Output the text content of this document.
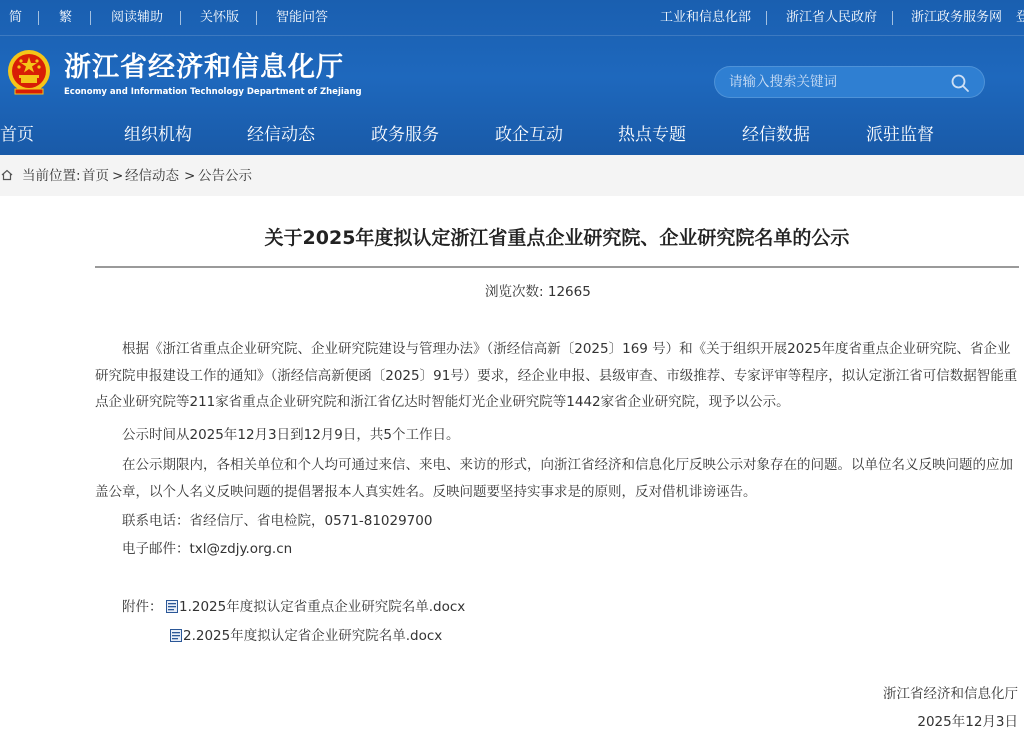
简	繁	阅读辅助	关怀版	智能问答	工业和信息化部	浙江省人民政府	浙江政务服务网 登
浙江省经济和信息化厅
Economy and Information Technology Department of Zhejiang
请输入搜索关键词
首页	组织机构	经信动态	政务服务	政企互动	热点专题	经信数据	派驻监督
当前位置: 首页 > 经信动态 > 公告公示
关于2025年度拟认定浙江省重点企业研究院、企业研究院名单的公示
浏览次数: 12665
根据《浙江省重点企业研究院、企业研究院建设与管理办法》（浙经信高新〔2025〕169 号）和《关于组织开展2025年度省重点企业研究院、省企业研究院申报建设工作的通知》（浙经信高新便函〔2025〕91号）要求，经企业申报、县级审查、市级推荐、专家评审等程序，拟认定浙江省可信数据智能重点企业研究院等211家省重点企业研究院和浙江省亿达时智能灯光企业研究院等1442家省企业研究院，现予以公示。
公示时间从2025年12月3日到12月9日，共5个工作日。
在公示期限内，各相关单位和个人均可通过来信、来电、来访的形式，向浙江省经济和信息化厅反映公示对象存在的问题。以单位名义反映问题的应加盖公章，以个人名义反映问题的提倡署报本人真实姓名。反映问题要坚持实事求是的原则，反对借机诽谤诬告。
联系电话：省经信厅、省电检院，0571-81029700
电子邮件：txl@zdjy.org.cn
附件：	1.2025年度拟认定省重点企业研究院名单.docx
2.2025年度拟认定省企业研究院名单.docx
浙江省经济和信息化厅
2025年12月3日
